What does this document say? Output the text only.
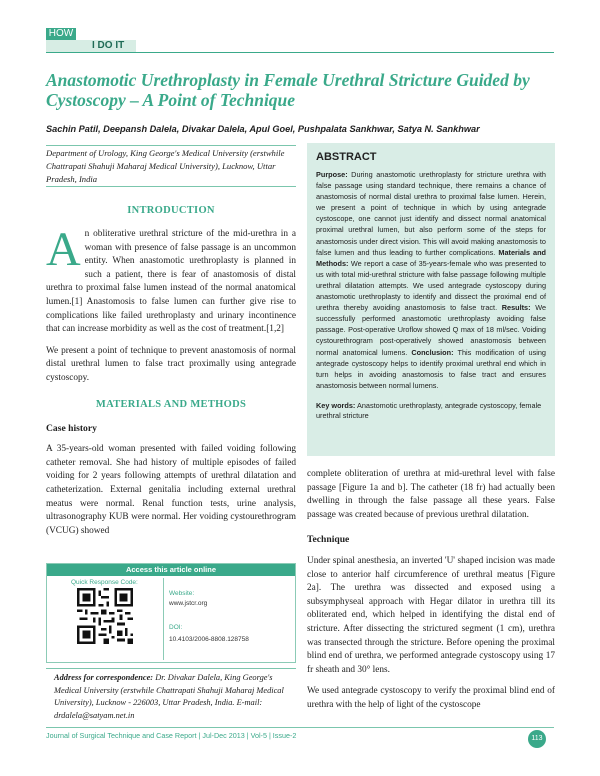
HOW
I DO IT
Anastomotic Urethroplasty in Female Urethral Stricture Guided by Cystoscopy – A Point of Technique
Sachin Patil, Deepansh Dalela, Divakar Dalela, Apul Goel, Pushpalata Sankhwar, Satya N. Sankhwar
Department of Urology, King George's Medical University (erstwhile Chattrapati Shahuji Maharaj Medical University), Lucknow, Uttar Pradesh, India
INTRODUCTION
An obliterative urethral stricture of the mid-urethra in a woman with presence of false passage is an uncommon entity. When anastomotic urethroplasty is planned in such a patient, there is fear of anastomosis of distal urethra to proximal false lumen instead of the normal anatomical lumen.[1] Anastomosis to false lumen can further give rise to complications like failed urethroplasty and urinary incontinence that can increase morbidity as well as the cost of treatment.[1,2]
We present a point of technique to prevent anastomosis of normal distal urethral lumen to false tract proximally using antegrade cystoscopy.
MATERIALS AND METHODS
Case history
A 35-years-old woman presented with failed voiding following catheter removal. She had history of multiple episodes of failed voiding for 2 years following attempts of urethral dilatation and catheterization. External genitalia including external urethral meatus were normal. Renal function tests, urine analysis, ultrasonography KUB were normal. Her voiding cystourethrogram (VCUG) showed
Access this article online
Quick Response Code:
Website:
www.jstcr.org
DOI:
10.4103/2006-8808.128758
Address for correspondence: Dr. Divakar Dalela, King George's Medical University (erstwhile Chattrapati Shahuji Maharaj Medical University), Lucknow - 226003, Uttar Pradesh, India. E-mail: drdalela@satyam.net.in
ABSTRACT
Purpose: During anastomotic urethroplasty for stricture urethra with false passage using standard technique, there remains a chance of anastomosis of normal distal urethra to proximal false lumen. Herein, we present a point of technique in which by using antegrade cystoscope, one cannot just identify and dissect normal anatomical proximal urethral lumen, but also perform some of the steps for anastomosis under direct vision. This will avoid making anastomosis to false lumen and thus leading to further complications. Materials and Methods: We report a case of 35-years-female who was presented to us with total mid-urethral stricture with false passage following multiple urethral dilatation attempts. We used antegrade cystoscopy during anastomotic urethroplasty to identify and dissect the proximal end of urethra thereby avoiding anastomosis to false tract. Results: We successfully performed anastomotic urethroplasty avoiding false passage. Post-operative Uroflow showed Q max of 18 ml/sec. Voiding cystourethrogram post-operatively showed anastomosis between normal anatomical lumens. Conclusion: This modification of using antegrade cystoscopy helps to identify proximal urethral end which in turn helps in avoiding anastomosis to false tract and ensures anastomosis between normal lumens.
Key words: Anastomotic urethroplasty, antegrade cystoscopy, female urethral stricture
complete obliteration of urethra at mid-urethral level with false passage [Figure 1a and b]. The catheter (18 fr) had actually been dwelling in through the false passage all these years. False passage was created because of previous urethral dilatation.
Technique
Under spinal anesthesia, an inverted 'U' shaped incision was made close to anterior half circumference of urethral meatus [Figure 2a]. The urethra was dissected and exposed using a subsymphyseal approach with Hegar dilator in urethra till its obliterated end, which helped in identifying the distal end of stricture. After dissecting the strictured segment (1 cm), urethra was transected through the stricture. Before opening the proximal blind end of urethra, we performed antegrade cystoscopy using 17 fr sheath and 30° lens.
We used antegrade cystoscopy to verify the proximal blind end of urethra with the help of light of the cystoscope
Journal of Surgical Technique and Case Report | Jul-Dec 2013 | Vol-5 | Issue-2	113
